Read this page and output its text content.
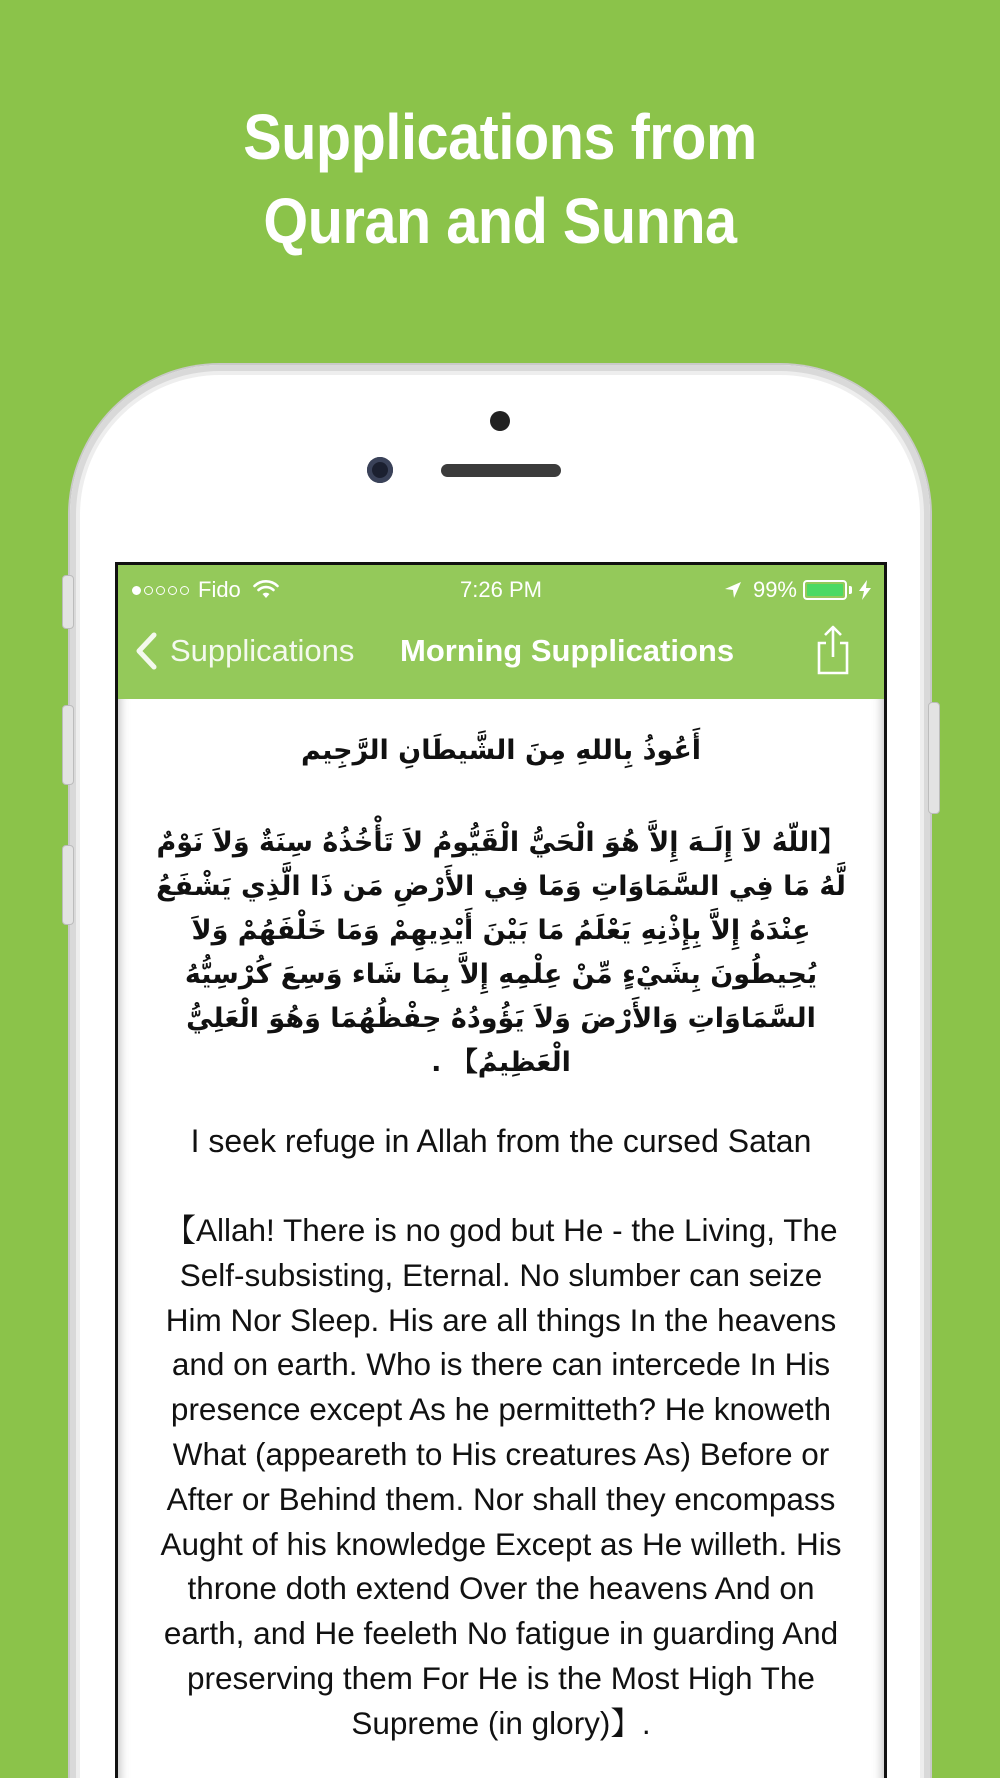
Supplications from
Quran and Sunna
Fido	7:26 PM	99%
Supplications Morning Supplications
أَعُوذُ بِاللهِ مِنَ الشَّيطَانِ الرَّجِيم
【اللّهُ لاَ إِلَـهَ إِلاَّ هُوَ الْحَيُّ الْقَيُّومُ لاَ تَأْخُذُهُ سِنَةٌ وَلاَ نَوْمٌ لَّهُ مَا فِي السَّمَاوَاتِ وَمَا فِي الأَرْضِ مَن ذَا الَّذِي يَشْفَعُ عِنْدَهُ إِلاَّ بِإِذْنِهِ يَعْلَمُ مَا بَيْنَ أَيْدِيهِمْ وَمَا خَلْفَهُمْ وَلاَ يُحِيطُونَ بِشَيْءٍ مِّنْ عِلْمِهِ إِلاَّ بِمَا شَاء وَسِعَ كُرْسِيُّهُ السَّمَاوَاتِ وَالأَرْضَ وَلاَ يَؤُودُهُ حِفْظُهُمَا وَهُوَ الْعَلِيُّ الْعَظِيمُ】 .
I seek refuge in Allah from the cursed Satan
【Allah! There is no god but He - the Living, The Self-subsisting, Eternal. No slumber can seize Him Nor Sleep. His are all things In the heavens and on earth. Who is there can intercede In His presence except As he permitteth? He knoweth What (appeareth to His creatures As) Before or After or Behind them. Nor shall they encompass Aught of his knowledge Except as He willeth. His throne doth extend Over the heavens And on earth, and He feeleth No fatigue in guarding And preserving them For He is the Most High The Supreme (in glory)】.
